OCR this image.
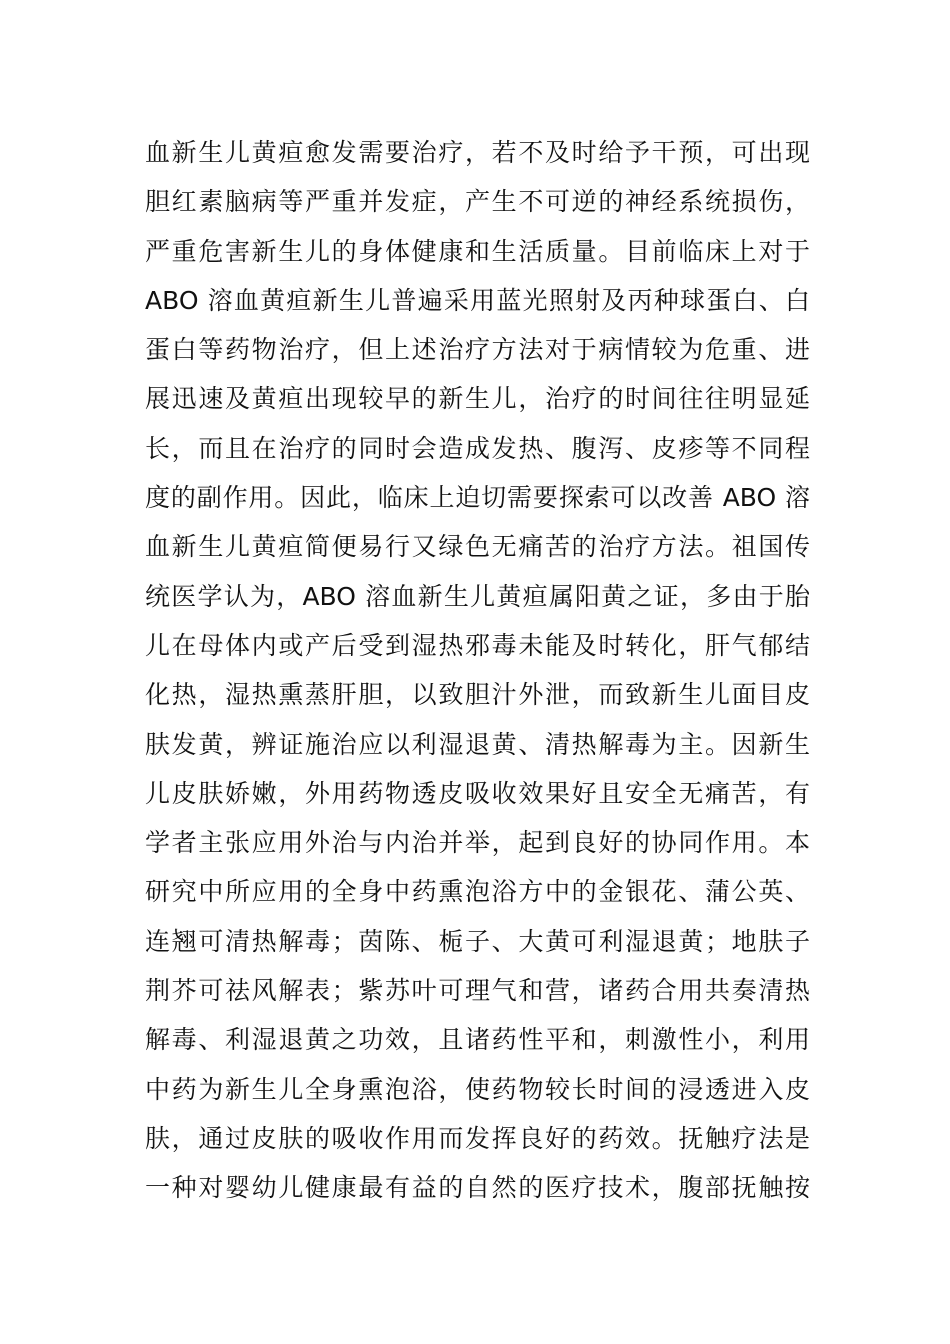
血新生儿黄疸愈发需要治疗，若不及时给予干预，可出现
胆红素脑病等严重并发症，产生不可逆的神经系统损伤，
严重危害新生儿的身体健康和生活质量。目前临床上对于
ABO 溶血黄疸新生儿普遍采用蓝光照射及丙种球蛋白、白
蛋白等药物治疗，但上述治疗方法对于病情较为危重、进
展迅速及黄疸出现较早的新生儿，治疗的时间往往明显延
长，而且在治疗的同时会造成发热、腹泻、皮疹等不同程
度的副作用。因此，临床上迫切需要探索可以改善 ABO 溶
血新生儿黄疸简便易行又绿色无痛苦的治疗方法。祖国传
统医学认为，ABO 溶血新生儿黄疸属阳黄之证，多由于胎
儿在母体内或产后受到湿热邪毒未能及时转化，肝气郁结
化热，湿热熏蒸肝胆，以致胆汁外泄，而致新生儿面目皮
肤发黄，辨证施治应以利湿退黄、清热解毒为主。因新生
儿皮肤娇嫩，外用药物透皮吸收效果好且安全无痛苦，有
学者主张应用外治与内治并举，起到良好的协同作用。本
研究中所应用的全身中药熏泡浴方中的金银花、蒲公英、
连翘可清热解毒；茵陈、栀子、大黄可利湿退黄；地肤子
荆芥可祛风解表；紫苏叶可理气和营，诸药合用共奏清热
解毒、利湿退黄之功效，且诸药性平和，刺激性小，利用
中药为新生儿全身熏泡浴，使药物较长时间的浸透进入皮
肤，通过皮肤的吸收作用而发挥良好的药效。抚触疗法是
一种对婴幼儿健康最有益的自然的医疗技术，腹部抚触按
